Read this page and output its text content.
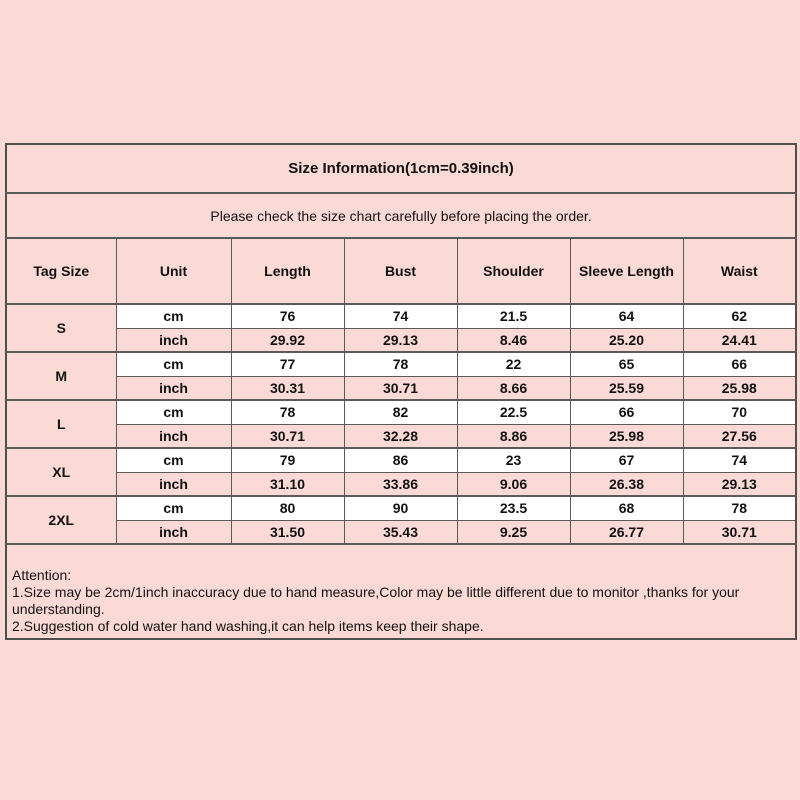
Size Information(1cm=0.39inch)						
Please check the size chart carefully before placing the order.						
Tag Size	Unit	Length	Bust	Shoulder	Sleeve Length	Waist
S	cm	76	74	21.5	64	62
	inch	29.92	29.13	8.46	25.20	24.41
M	cm	77	78	22	65	66
	inch	30.31	30.71	8.66	25.59	25.98
L	cm	78	82	22.5	66	70
	inch	30.71	32.28	8.86	25.98	27.56
XL	cm	79	86	23	67	74
	inch	31.10	33.86	9.06	26.38	29.13
2XL	cm	80	90	23.5	68	78
	inch	31.50	35.43	9.25	26.77	30.71

Attention:
1.Size may be 2cm/1inch inaccuracy due to hand measure,Color may be little different due to monitor ,thanks for your understanding.
2.Suggestion of cold water hand washing,it can help items keep their shape.						
